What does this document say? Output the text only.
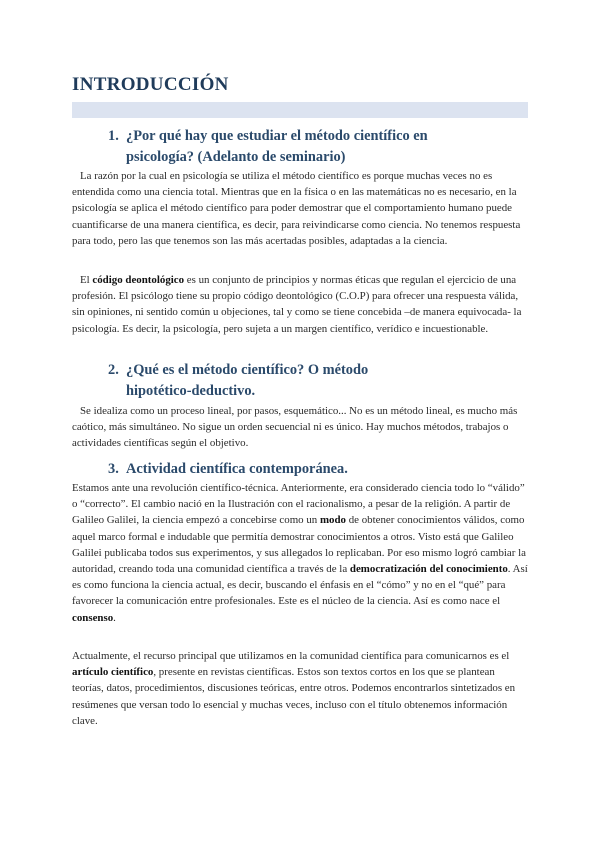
INTRODUCCIÓN
1. ¿Por qué hay que estudiar el método científico en
psicología? (Adelanto de seminario)

La razón por la cual en psicología se utiliza el método científico es porque muchas veces no es entendida como una ciencia total. Mientras que en la física o en las matemáticas no es necesario, en la psicología se aplica el método científico para poder demostrar que el comportamiento humano puede cuantificarse de una manera científica, es decir, para reivindicarse como ciencia. No tenemos respuesta para todo, pero las que tenemos son las más acertadas posibles, adaptadas a la ciencia.

El código deontológico es un conjunto de principios y normas éticas que regulan el ejercicio de una profesión. El psicólogo tiene su propio código deontológico (C.O.P) para ofrecer una respuesta válida, sin opiniones, ni sentido común u objeciones, tal y como se tiene concebida –de manera equivocada- la psicología. Es decir, la psicología, pero sujeta a un margen científico, verídico e incuestionable.

2. ¿Qué es el método científico? O método
hipotético-deductivo.

Se idealiza como un proceso lineal, por pasos, esquemático... No es un método lineal, es mucho más caótico, más simultáneo. No sigue un orden secuencial ni es único. Hay muchos métodos, trabajos o actividades científicas según el objetivo.

3. Actividad científica contemporánea.

Estamos ante una revolución científico-técnica. Anteriormente, era considerado ciencia todo lo “válido” o “correcto”. El cambio nació en la Ilustración con el racionalismo, a pesar de la religión. A partir de Galileo Galilei, la ciencia empezó a concebirse como un modo de obtener conocimientos válidos, como aquel marco formal e indudable que permitía demostrar conocimientos a otros. Visto está que Galileo Galilei publicaba todos sus experimentos, y sus allegados lo replicaban. Por eso mismo logró cambiar la autoridad, creando toda una comunidad científica a través de la democratización del conocimiento. Así es como funciona la ciencia actual, es decir, buscando el énfasis en el “cómo” y no en el “qué” para favorecer la comunicación entre profesionales. Este es el núcleo de la ciencia. Así es como nace el consenso.

Actualmente, el recurso principal que utilizamos en la comunidad científica para comunicarnos es el artículo científico, presente en revistas científicas. Estos son textos cortos en los que se plantean teorías, datos, procedimientos, discusiones teóricas, entre otros. Podemos encontrarlos sintetizados en resúmenes que versan todo lo esencial y muchas veces, incluso con el título obtenemos información clave.
